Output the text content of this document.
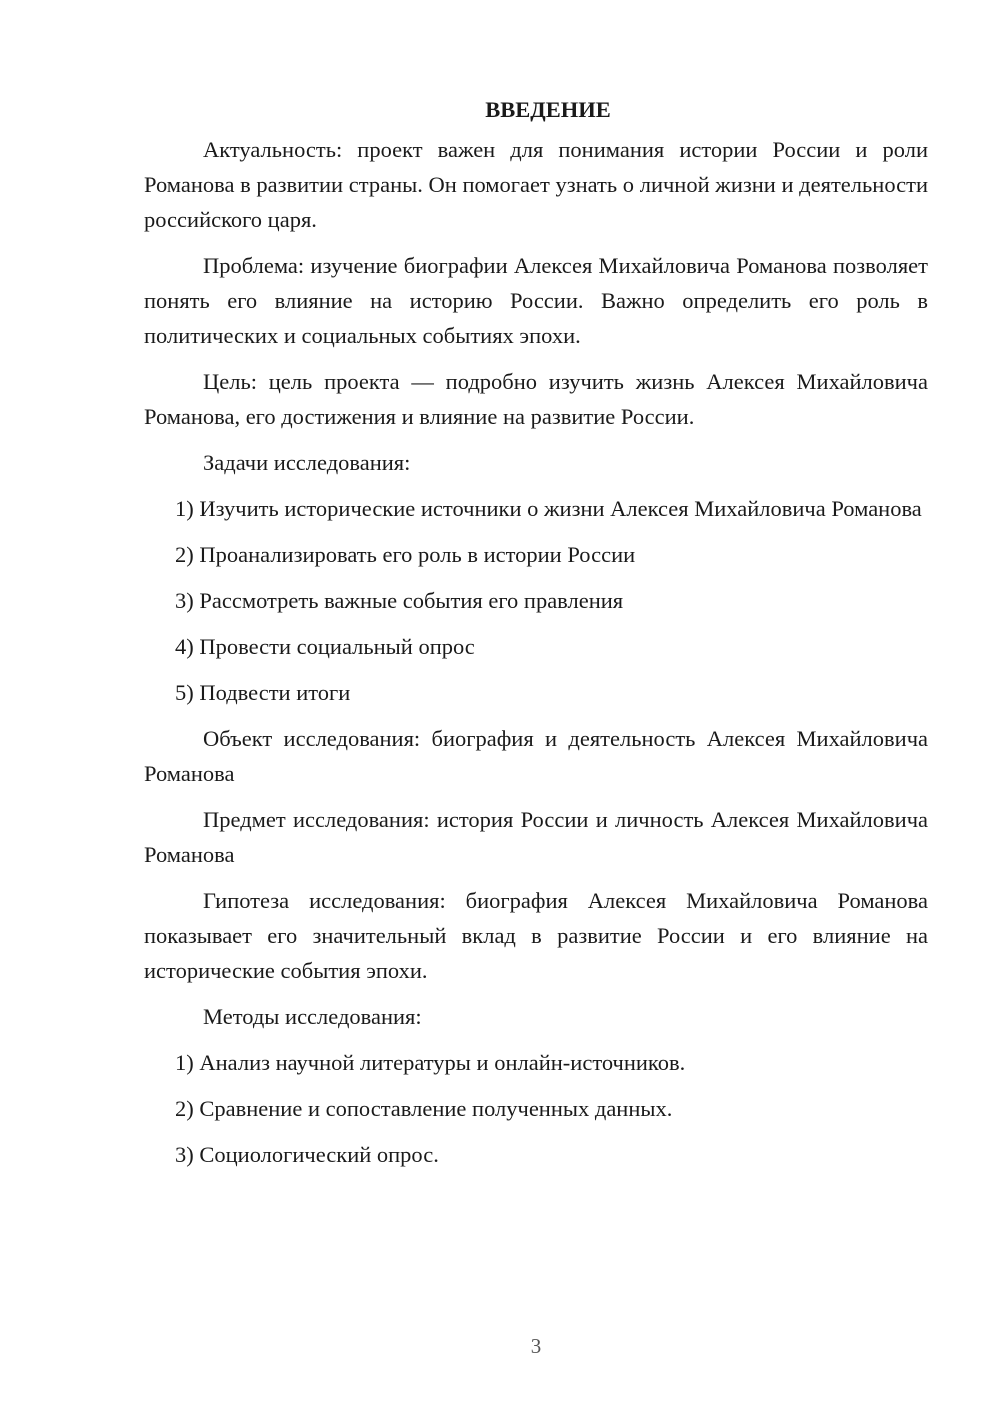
ВВЕДЕНИЕ

Актуальность: проект важен для понимания истории России и роли Романова в развитии страны. Он помогает узнать о личной жизни и деятельности российского царя.

Проблема: изучение биографии Алексея Михайловича Романова позволяет понять его влияние на историю России. Важно определить его роль в политических и социальных событиях эпохи.

Цель: цель проекта — подробно изучить жизнь Алексея Михайловича Романова, его достижения и влияние на развитие России.

Задачи исследования:

1) Изучить исторические источники о жизни Алексея Михайловича Романова

2) Проанализировать его роль в истории России

3) Рассмотреть важные события его правления

4) Провести социальный опрос

5) Подвести итоги

Объект исследования: биография и деятельность Алексея Михайловича Романова

Предмет исследования: история России и личность Алексея Михайловича Романова

Гипотеза исследования: биография Алексея Михайловича Романова показывает его значительный вклад в развитие России и его влияние на исторические события эпохи.

Методы исследования:

1) Анализ научной литературы и онлайн-источников.

2) Сравнение и сопоставление полученных данных.

3) Социологический опрос.

3
